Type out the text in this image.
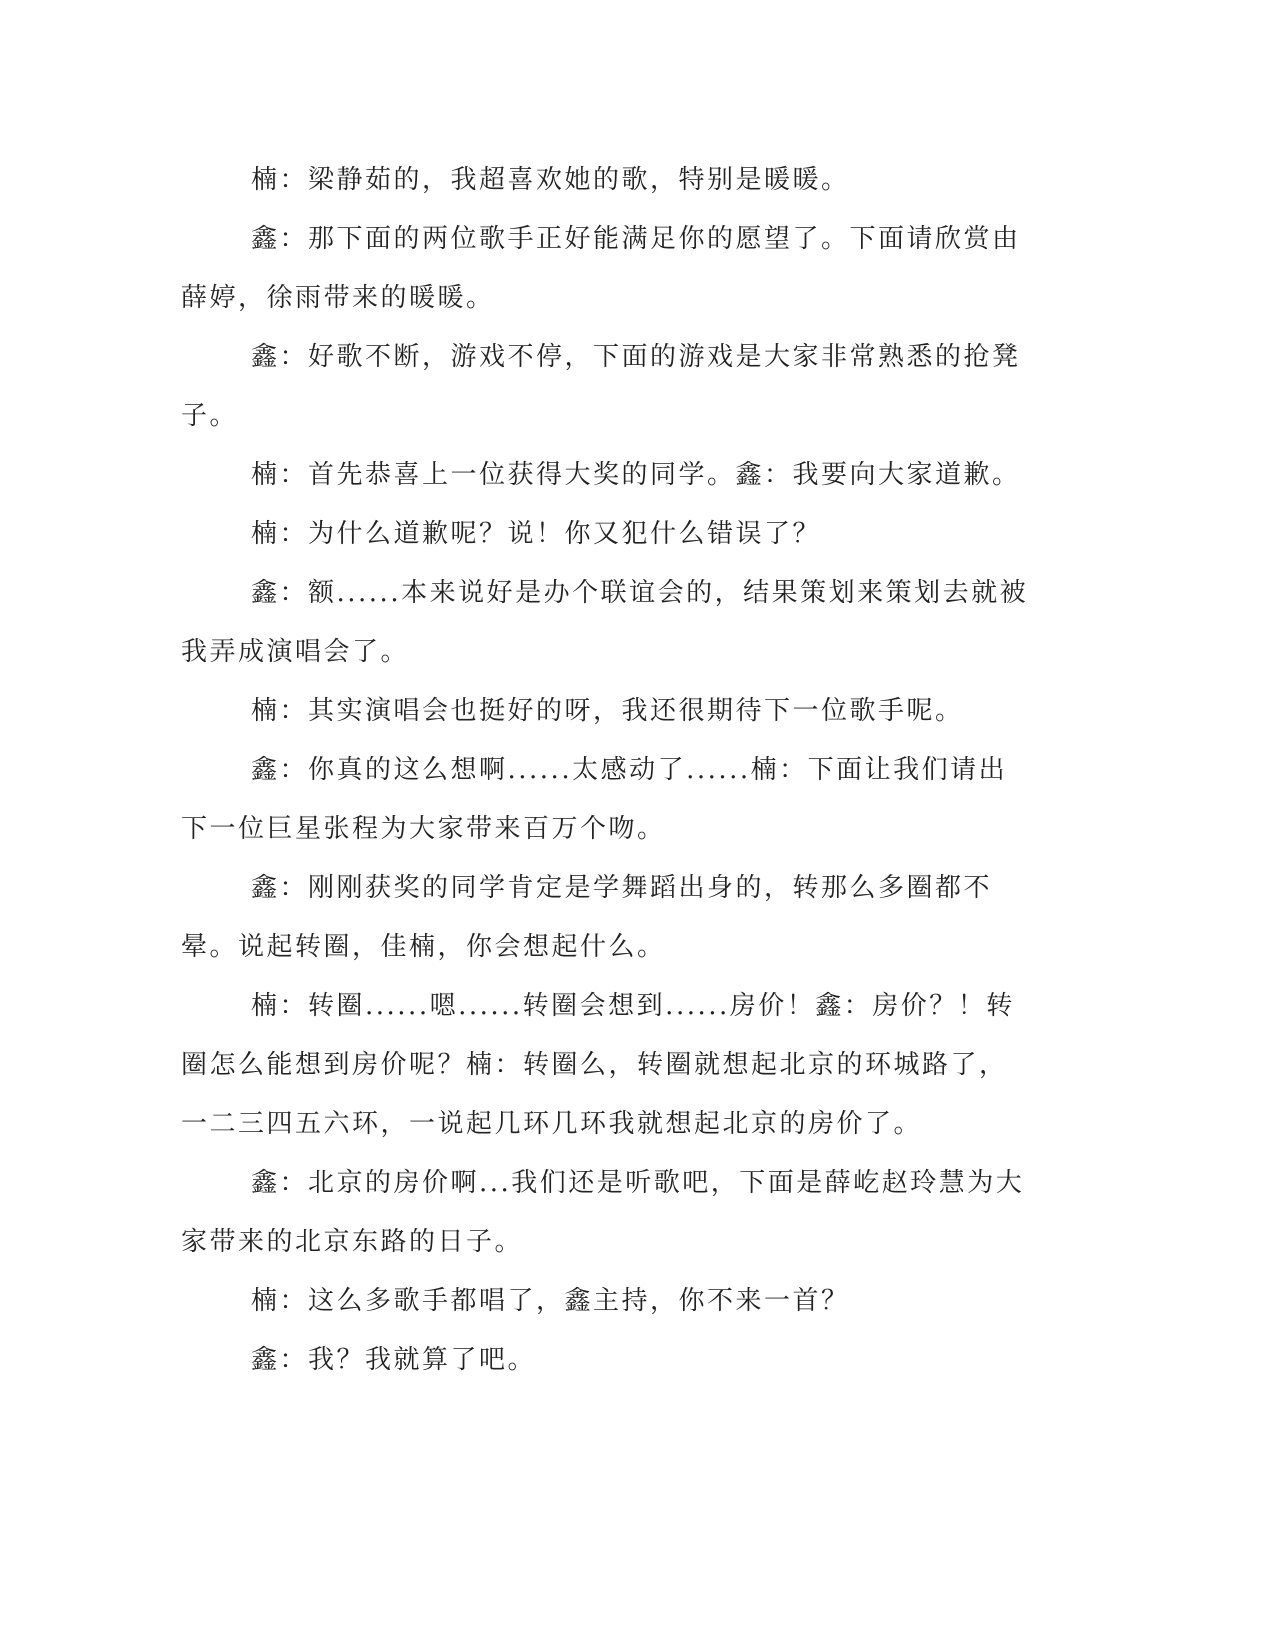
楠：梁静茹的，我超喜欢她的歌，特别是暖暖。

鑫：那下面的两位歌手正好能满足你的愿望了。下面请欣赏由薛婷，徐雨带来的暖暖。

鑫：好歌不断，游戏不停，下面的游戏是大家非常熟悉的抢凳子。

楠：首先恭喜上一位获得大奖的同学。鑫：我要向大家道歉。

楠：为什么道歉呢？说！你又犯什么错误了？

鑫：额......本来说好是办个联谊会的，结果策划来策划去就被我弄成演唱会了。

楠：其实演唱会也挺好的呀，我还很期待下一位歌手呢。

鑫：你真的这么想啊......太感动了......楠：下面让我们请出下一位巨星张程为大家带来百万个吻。

鑫：刚刚获奖的同学肯定是学舞蹈出身的，转那么多圈都不晕。说起转圈，佳楠，你会想起什么。

楠：转圈......嗯......转圈会想到......房价！鑫：房价？！转圈怎么能想到房价呢？楠：转圈么，转圈就想起北京的环城路了，一二三四五六环，一说起几环几环我就想起北京的房价了。

鑫：北京的房价啊...我们还是听歌吧，下面是薛屹赵玲慧为大家带来的北京东路的日子。

楠：这么多歌手都唱了，鑫主持，你不来一首？

鑫：我？我就算了吧。
